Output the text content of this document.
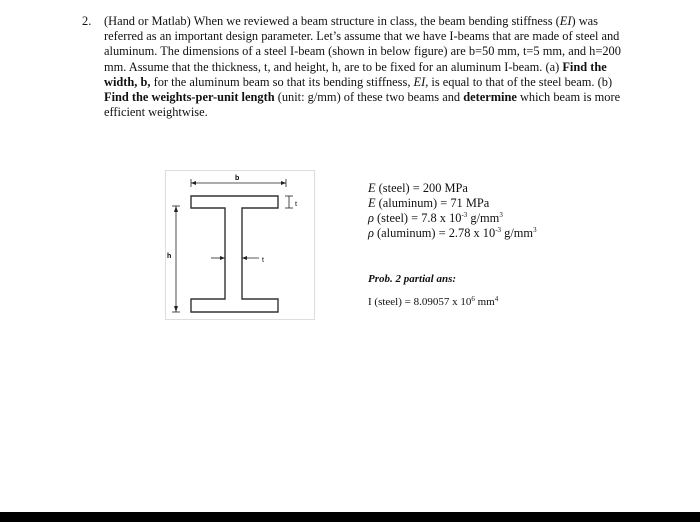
2. (Hand or Matlab) When we reviewed a beam structure in class, the beam bending stiffness (EI) was referred as an important design parameter. Let’s assume that we have I-beams that are made of steel and aluminum. The dimensions of a steel I-beam (shown in below figure) are b=50 mm, t=5 mm, and h=200 mm. Assume that the thickness, t, and height, h, are to be fixed for an aluminum I-beam. (a) Find the width, b, for the aluminum beam so that its bending stiffness, EI, is equal to that of the steel beam. (b) Find the weights-per-unit length (unit: g/mm) of these two beams and determine which beam is more efficient weightwise.
b
h
t
t
E (steel) = 200 MPa
E (aluminum) = 71 MPa
ρ (steel) = 7.8 x $10^{-3}$ $g/mm^3$
ρ (aluminum) = 2.78 x $10^{-3}$ $g/mm^3$
Prob. 2 partial ans:
I (steel) = 8.09057 x $10^6$ $mm^4$
